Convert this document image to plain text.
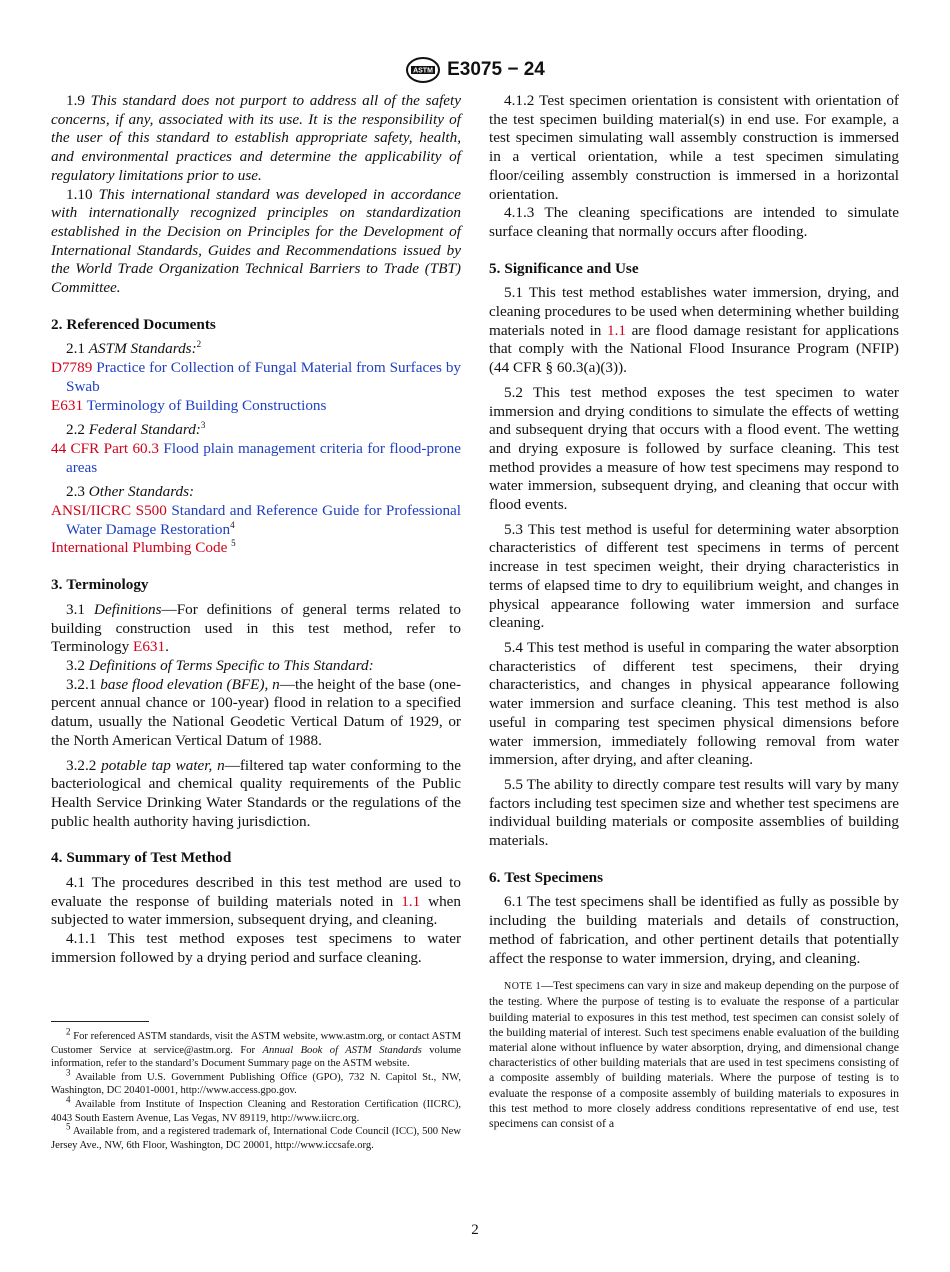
ASTM E3075 − 24

1.9 This standard does not purport to address all of the safety concerns, if any, associated with its use. It is the responsibility of the user of this standard to establish appropriate safety, health, and environmental practices and determine the applicability of regulatory limitations prior to use.

1.10 This international standard was developed in accordance with internationally recognized principles on standardization established in the Decision on Principles for the Development of International Standards, Guides and Recommendations issued by the World Trade Organization Technical Barriers to Trade (TBT) Committee.

2. Referenced Documents

2.1 ASTM Standards:$^2$

D7789 Practice for Collection of Fungal Material from Surfaces by Swab

E631 Terminology of Building Constructions

2.2 Federal Standard:$^3$

44 CFR Part 60.3 Flood plain management criteria for flood-prone areas

2.3 Other Standards:

ANSI/IICRC S500 Standard and Reference Guide for Professional Water Damage Restoration$^4$

International Plumbing Code $^5$

3. Terminology

3.1 Definitions—For definitions of general terms related to building construction used in this test method, refer to Terminology E631.

3.2 Definitions of Terms Specific to This Standard:

3.2.1 base flood elevation (BFE), n—the height of the base (one-percent annual chance or 100-year) flood in relation to a specified datum, usually the National Geodetic Vertical Datum of 1929, or the North American Vertical Datum of 1988.

3.2.2 potable tap water, n—filtered tap water conforming to the bacteriological and chemical quality requirements of the Public Health Service Drinking Water Standards or the regulations of the public health authority having jurisdiction.

4. Summary of Test Method

4.1 The procedures described in this test method are used to evaluate the response of building materials noted in 1.1 when subjected to water immersion, subsequent drying, and cleaning.

4.1.1 This test method exposes test specimens to water immersion followed by a drying period and surface cleaning.

$^2$ For referenced ASTM standards, visit the ASTM website, www.astm.org, or contact ASTM Customer Service at service@astm.org. For Annual Book of ASTM Standards volume information, refer to the standard’s Document Summary page on the ASTM website.

$^3$ Available from U.S. Government Publishing Office (GPO), 732 N. Capitol St., NW, Washington, DC 20401-0001, http://www.access.gpo.gov.

$^4$ Available from Institute of Inspection Cleaning and Restoration Certification (IICRC), 4043 South Eastern Avenue, Las Vegas, NV 89119, http://www.iicrc.org.

$^5$ Available from, and a registered trademark of, International Code Council (ICC), 500 New Jersey Ave., NW, 6th Floor, Washington, DC 20001, http://www.iccsafe.org.

4.1.2 Test specimen orientation is consistent with orientation of the test specimen building material(s) in end use. For example, a test specimen simulating wall assembly construction is immersed in a vertical orientation, while a test specimen simulating floor/ceiling assembly construction is immersed in a horizontal orientation.

4.1.3 The cleaning specifications are intended to simulate surface cleaning that normally occurs after flooding.

5. Significance and Use

5.1 This test method establishes water immersion, drying, and cleaning procedures to be used when determining whether building materials noted in 1.1 are flood damage resistant for applications that comply with the National Flood Insurance Program (NFIP) (44 CFR § 60.3(a)(3)).

5.2 This test method exposes the test specimen to water immersion and drying conditions to simulate the effects of wetting and subsequent drying that occurs with a flood event. The wetting and drying exposure is followed by surface cleaning. This test method provides a measure of how test specimens may respond to water immersion, subsequent drying, and cleaning that occur with flood events.

5.3 This test method is useful for determining water absorption characteristics of different test specimens in terms of percent increase in test specimen weight, their drying characteristics in terms of elapsed time to dry to equilibrium weight, and changes in physical appearance following water immersion and surface cleaning.

5.4 This test method is useful in comparing the water absorption characteristics of different test specimens, their drying characteristics, and changes in physical appearance following water immersion and surface cleaning. This test method is also useful in comparing test specimen physical dimensions before water immersion, immediately following removal from water immersion, after drying, and after cleaning.

5.5 The ability to directly compare test results will vary by many factors including test specimen size and whether test specimens are individual building materials or composite assemblies of building materials.

6. Test Specimens

6.1 The test specimens shall be identified as fully as possible by including the building materials and details of construction, method of fabrication, and other pertinent details that potentially affect the response to water immersion, drying, and cleaning.

NOTE 1—Test specimens can vary in size and makeup depending on the purpose of the testing. Where the purpose of testing is to evaluate the response of a particular building material to exposures in this test method, test specimen can consist solely of the building material of interest. Such test specimens enable evaluation of the building material alone without influence by water absorption, drying, and dimensional change characteristics of other building materials that are used in test specimens consisting of a composite assembly of building materials. Where the purpose of testing is to evaluate the response of a composite assembly of building materials to exposures in this test method to more closely address conditions representative of end use, test specimens can consist of a

2
